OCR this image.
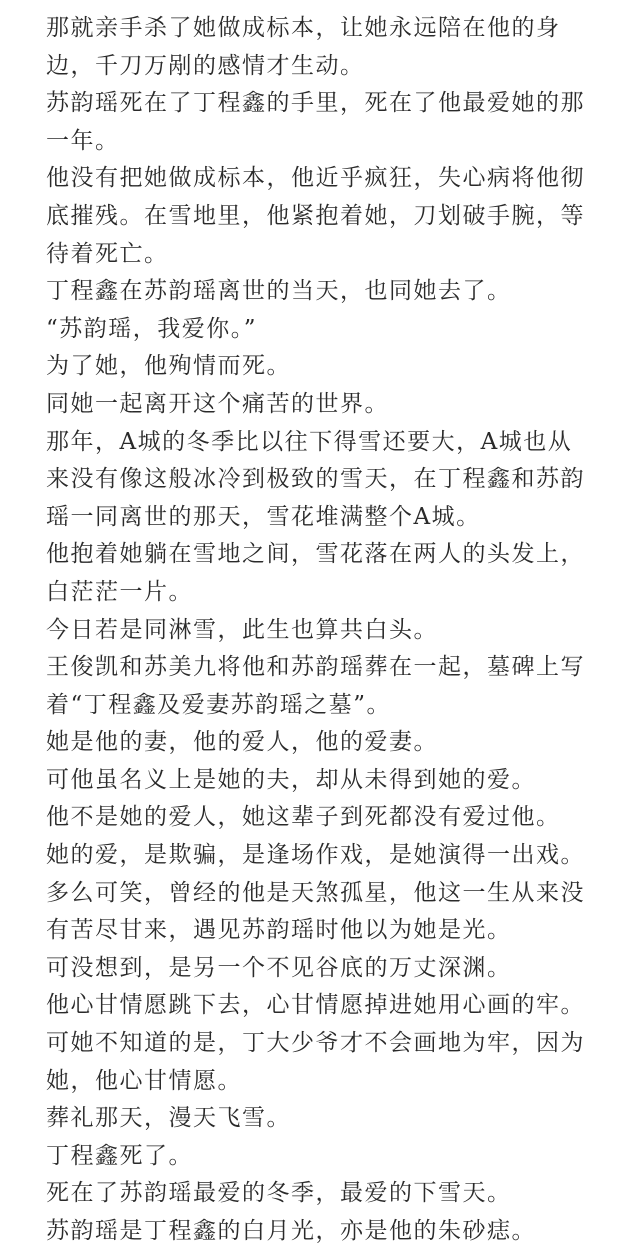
那就亲手杀了她做成标本，让她永远陪在他的身
边，千刀万剐的感情才生动。
苏韵瑶死在了丁程鑫的手里，死在了他最爱她的那
一年。
他没有把她做成标本，他近乎疯狂，失心病将他彻
底摧残。在雪地里，他紧抱着她，刀划破手腕，等
待着死亡。
丁程鑫在苏韵瑶离世的当天，也同她去了。
“苏韵瑶，我爱你。”
为了她，他殉情而死。
同她一起离开这个痛苦的世界。
那年，A城的冬季比以往下得雪还要大，A城也从
来没有像这般冰冷到极致的雪天，在丁程鑫和苏韵
瑶一同离世的那天，雪花堆满整个A城。
他抱着她躺在雪地之间，雪花落在两人的头发上，
白茫茫一片。
今日若是同淋雪，此生也算共白头。
王俊凯和苏美九将他和苏韵瑶葬在一起，墓碑上写
着“丁程鑫及爱妻苏韵瑶之墓”。
她是他的妻，他的爱人，他的爱妻。
可他虽名义上是她的夫，却从未得到她的爱。
他不是她的爱人，她这辈子到死都没有爱过他。
她的爱，是欺骗，是逢场作戏，是她演得一出戏。
多么可笑，曾经的他是天煞孤星，他这一生从来没
有苦尽甘来，遇见苏韵瑶时他以为她是光。
可没想到，是另一个不见谷底的万丈深渊。
他心甘情愿跳下去，心甘情愿掉进她用心画的牢。
可她不知道的是，丁大少爷才不会画地为牢，因为
她，他心甘情愿。
葬礼那天，漫天飞雪。
丁程鑫死了。
死在了苏韵瑶最爱的冬季，最爱的下雪天。
苏韵瑶是丁程鑫的白月光，亦是他的朱砂痣。
